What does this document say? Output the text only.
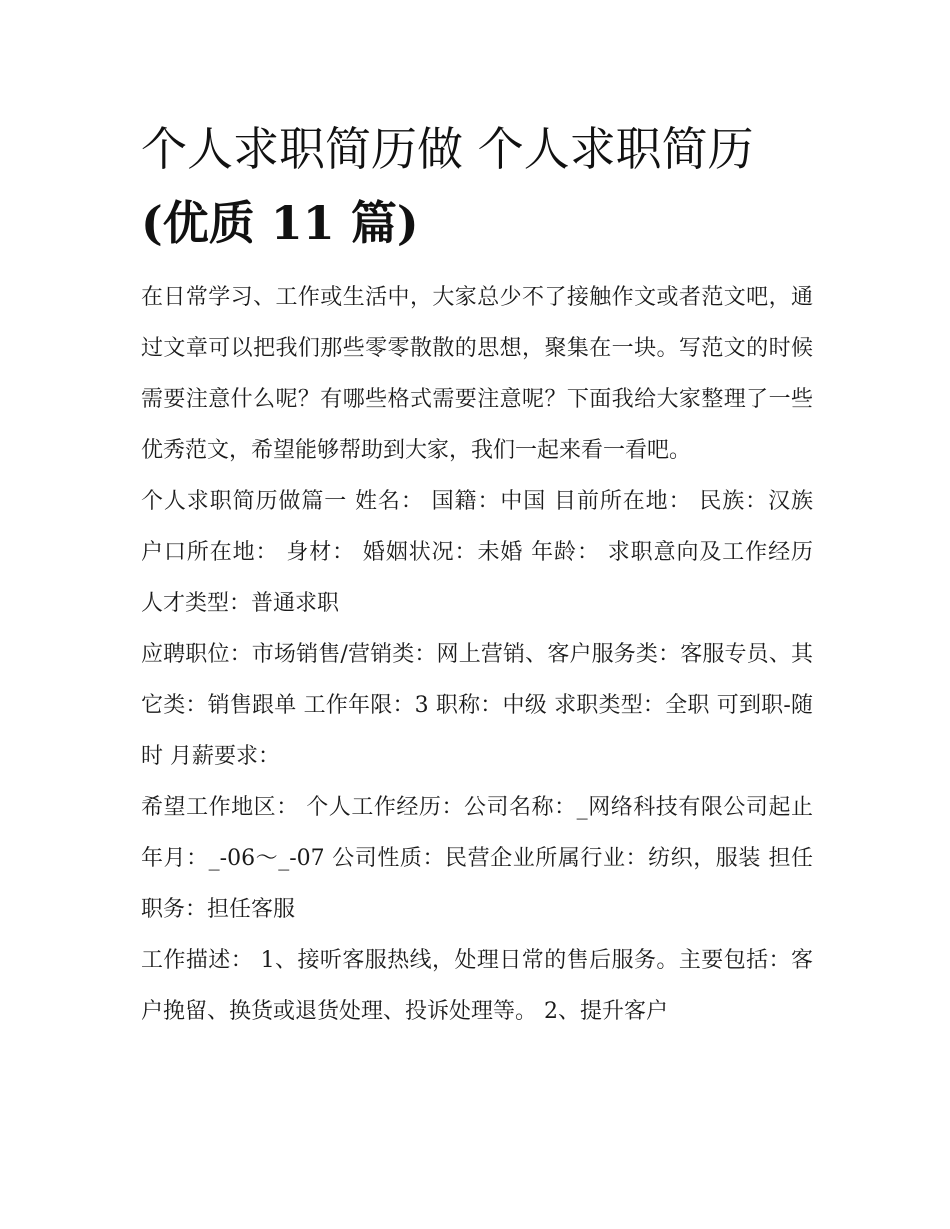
个人求职简历做 个人求职简历
(优质 11 篇)

在日常学习、工作或生活中，大家总少不了接触作文或者范文吧，通过文章可以把我们那些零零散散的思想，聚集在一块。写范文的时候需要注意什么呢？有哪些格式需要注意呢？下面我给大家整理了一些优秀范文，希望能够帮助到大家，我们一起来看一看吧。

个人求职简历做篇一 姓名： 国籍：中国 目前所在地： 民族：汉族 户口所在地： 身材： 婚姻状况：未婚 年龄： 求职意向及工作经历 人才类型：普通求职

应聘职位：市场销售/营销类：网上营销、客户服务类：客服专员、其它类：销售跟单 工作年限：3 职称：中级 求职类型：全职 可到职-随时 月薪要求：

希望工作地区： 个人工作经历：公司名称：_网络科技有限公司起止年月：_-06～_-07 公司性质：民营企业所属行业：纺织，服装 担任职务：担任客服

工作描述： 1、接听客服热线，处理日常的售后服务。主要包括：客户挽留、换货或退货处理、投诉处理等。 2、提升客户
